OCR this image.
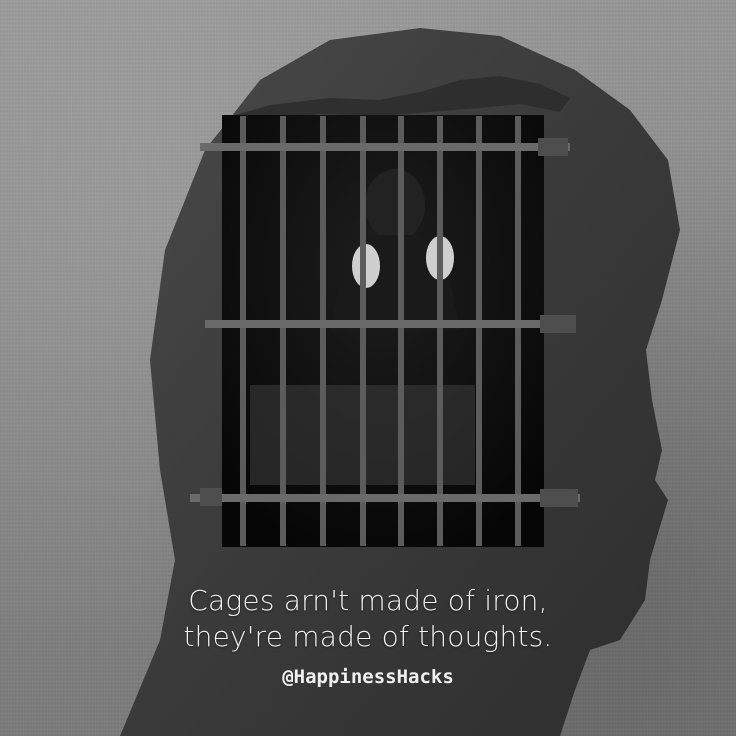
Cages arn't made of iron,
they're made of thoughts.
@HappinessHacks
